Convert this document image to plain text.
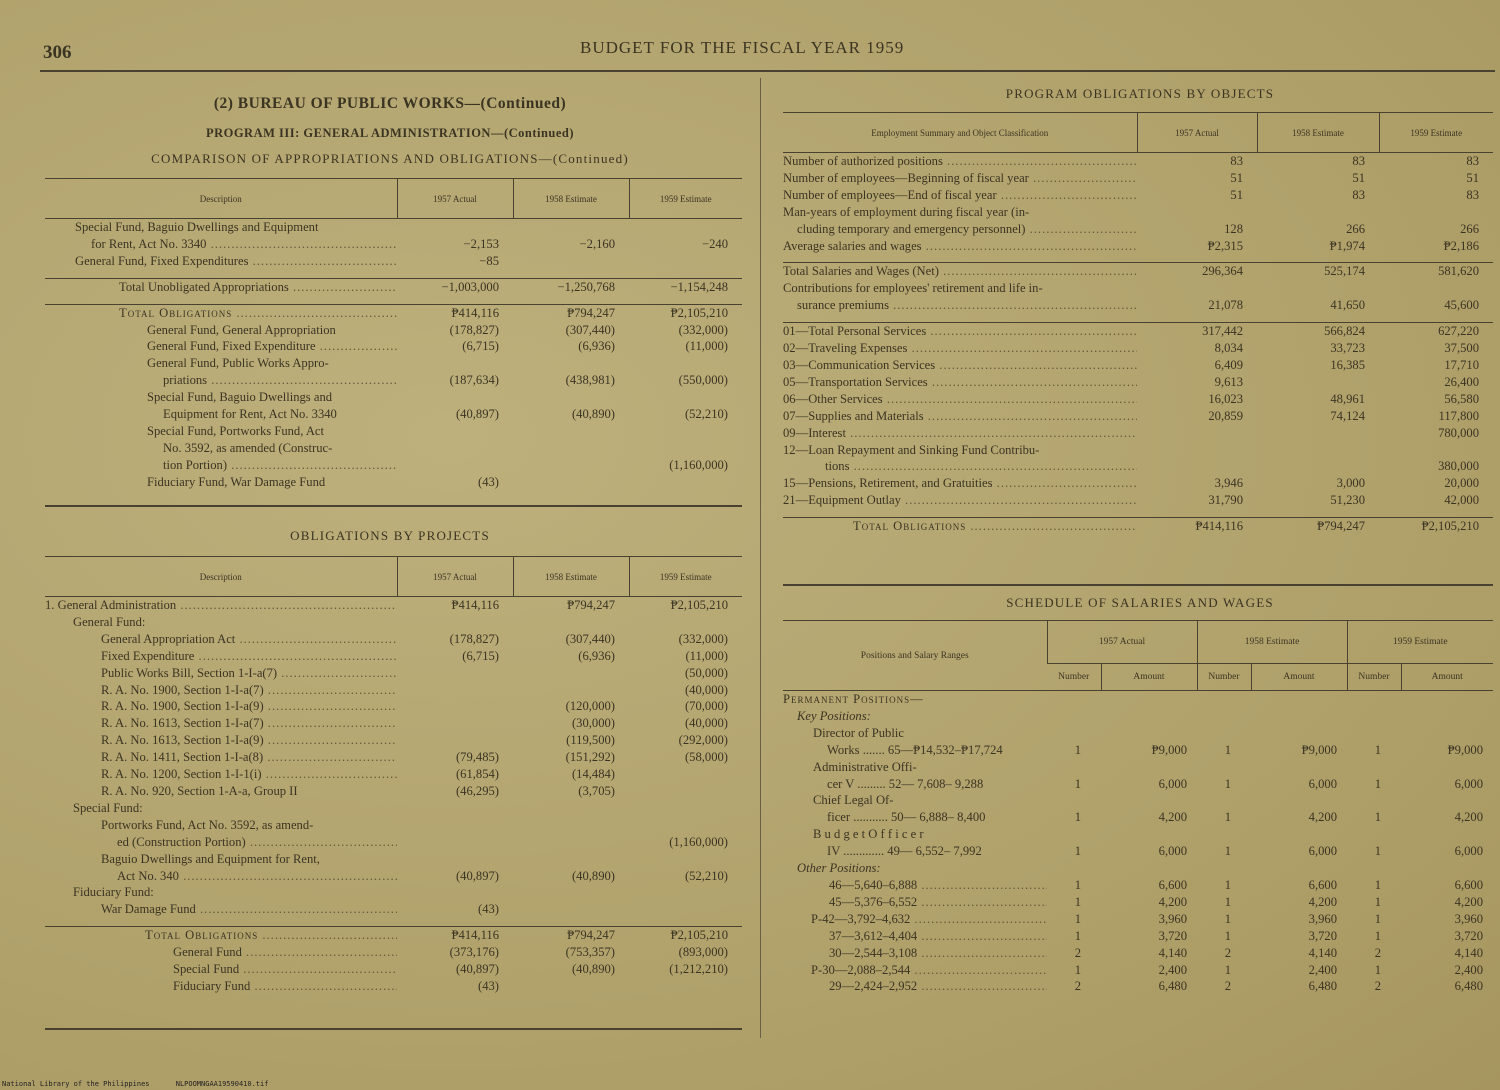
306	BUDGET FOR THE FISCAL YEAR 1959
(2) BUREAU OF PUBLIC WORKS—(Continued)
PROGRAM III: GENERAL ADMINISTRATION—(Continued)
COMPARISON OF APPROPRIATIONS AND OBLIGATIONS—(Continued)
Description	1957 Actual	1958 Estimate	1959 Estimate
Special Fund, Baguio Dwellings and Equipment			
for Rent, Act No. 3340 .....	−2,153	−2,160	−240
General Fund, Fixed Expenditures .....	−85		

Total Unobligated Appropriations .....	−1,003,000	−1,250,768	−1,154,248

Total Obligations .....	₱414,116	₱794,247	₱2,105,210
General Fund, General Appropriation	(178,827)	(307,440)	(332,000)
General Fund, Fixed Expenditure .....	(6,715)	(6,936)	(11,000)
General Fund, Public Works Appro-			
priations .....	(187,634)	(438,981)	(550,000)
Special Fund, Baguio Dwellings and			
Equipment for Rent, Act No. 3340	(40,897)	(40,890)	(52,210)
Special Fund, Portworks Fund, Act			
No. 3592, as amended (Construc-			
tion Portion) .....			(1,160,000)
Fiduciary Fund, War Damage Fund	(43)		
OBLIGATIONS BY PROJECTS
Description	1957 Actual	1958 Estimate	1959 Estimate
1. General Administration .....	₱414,116	₱794,247	₱2,105,210
General Fund:			
General Appropriation Act .....	(178,827)	(307,440)	(332,000)
Fixed Expenditure .....	(6,715)	(6,936)	(11,000)
Public Works Bill, Section 1-I-a(7) .....			(50,000)
R. A. No. 1900, Section 1-I-a(7) .....			(40,000)
R. A. No. 1900, Section 1-I-a(9) .....		(120,000)	(70,000)
R. A. No. 1613, Section 1-I-a(7) .....		(30,000)	(40,000)
R. A. No. 1613, Section 1-I-a(9) .....		(119,500)	(292,000)
R. A. No. 1411, Section 1-I-a(8) .....	(79,485)	(151,292)	(58,000)
R. A. No. 1200, Section 1-I-1(i) .....	(61,854)	(14,484)	
R. A. No. 920, Section 1-A-a, Group II	(46,295)	(3,705)	
Special Fund:			
Portworks Fund, Act No. 3592, as amend-			
ed (Construction Portion) .....			(1,160,000)
Baguio Dwellings and Equipment for Rent,			
Act No. 340 .....	(40,897)	(40,890)	(52,210)
Fiduciary Fund:			
War Damage Fund .....	(43)		

Total Obligations .....	₱414,116	₱794,247	₱2,105,210
General Fund .....	(373,176)	(753,357)	(893,000)
Special Fund .....	(40,897)	(40,890)	(1,212,210)
Fiduciary Fund .....	(43)		
PROGRAM OBLIGATIONS BY OBJECTS
Employment Summary and Object Classification	1957 Actual	1958 Estimate	1959 Estimate
Number of authorized positions .....	83	83	83
Number of employees—Beginning of fiscal year .....	51	51	51
Number of employees—End of fiscal year .....	51	83	83
Man-years of employment during fiscal year (in-			
cluding temporary and emergency personnel) .....	128	266	266
Average salaries and wages .....	₱2,315	₱1,974	₱2,186

Total Salaries and Wages (Net) .....	296,364	525,174	581,620
Contributions for employees' retirement and life in-			
surance premiums .....	21,078	41,650	45,600

01—Total Personal Services .....	317,442	566,824	627,220
02—Traveling Expenses .....	8,034	33,723	37,500
03—Communication Services .....	6,409	16,385	17,710
05—Transportation Services .....	9,613		26,400
06—Other Services .....	16,023	48,961	56,580
07—Supplies and Materials .....	20,859	74,124	117,800
09—Interest .....			780,000
12—Loan Repayment and Sinking Fund Contribu-			
tions .....			380,000
15—Pensions, Retirement, and Gratuities .....	3,946	3,000	20,000
21—Equipment Outlay .....	31,790	51,230	42,000

Total Obligations .....	₱414,116	₱794,247	₱2,105,210
SCHEDULE OF SALARIES AND WAGES
Positions and Salary Ranges	1957 Actual		1958 Estimate		1959 Estimate	
	Number	Amount	Number	Amount	Number	Amount
Permanent Positions—						
Key Positions:						
Director of Public						
Works ....... 65—₱14,532–₱17,724	1	₱9,000	1	₱9,000	1	₱9,000
Administrative Offi-						
cer V ......... 52— 7,608– 9,288	1	6,000	1	6,000	1	6,000
Chief Legal Of-						
ficer ........... 50— 6,888– 8,400	1	4,200	1	4,200	1	4,200
B u d g e t O f f i c e r						
IV ............. 49— 6,552– 7,992	1	6,000	1	6,000	1	6,000
Other Positions:						
46—5,640–6,888 .....	1	6,600	1	6,600	1	6,600
45—5,376–6,552 .....	1	4,200	1	4,200	1	4,200
P-42—3,792–4,632 .....	1	3,960	1	3,960	1	3,960
37—3,612–4,404 .....	1	3,720	1	3,720	1	3,720
30—2,544–3,108 .....	2	4,140	2	4,140	2	4,140
P-30—2,088–2,544 .....	1	2,400	1	2,400	1	2,400
29—2,424–2,952 .....	2	6,480	2	6,480	2	6,480
National Library of the Philippines	NLPOOMNGAA19590410.tif
